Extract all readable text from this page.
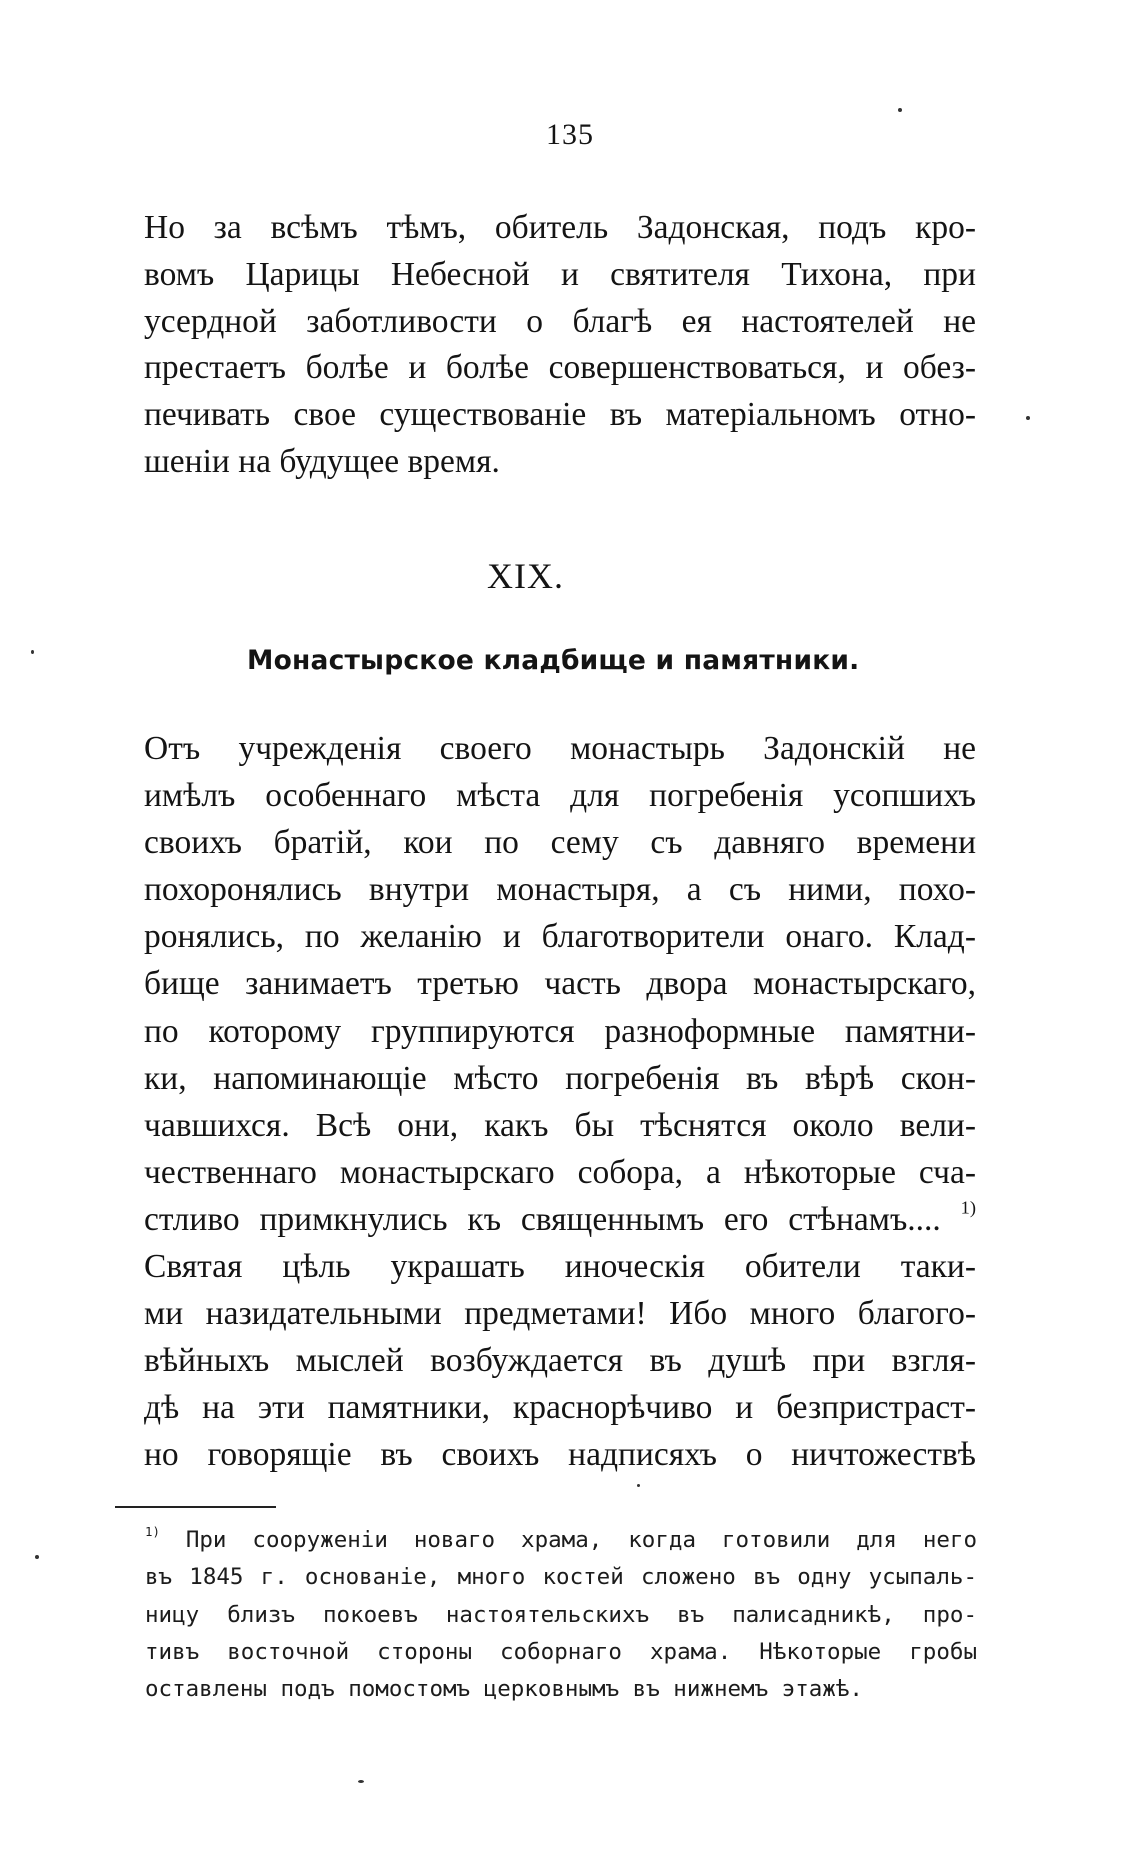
135
Но за всѣмъ тѣмъ, обитель Задонская, подъ кро-
вомъ Царицы Небесной и святителя Тихона, при
усердной заботливости о благѣ ея настоятелей не
престаетъ болѣе и болѣе совершенствоваться, и обез-
печивать свое существованіе въ матеріальномъ отно-
шеніи на будущее время.
XIX.
Монастырское кладбище и памятники.
Отъ учрежденія своего монастырь Задонскій не
имѣлъ особеннаго мѣста для погребенія усопшихъ
своихъ братій, кои по сему съ давняго времени
похоронялись внутри монастыря, а съ ними, похо-
ронялись, по желанію и благотворители онаго. Клад-
бище занимаетъ третью часть двора монастырскаго,
по которому группируются разноформные памятни-
ки, напоминающіе мѣсто погребенія въ вѣрѣ скон-
чавшихся. Всѣ они, какъ бы тѣснятся около вели-
чественнаго монастырскаго собора, а нѣкоторые сча-
стливо примкнулись къ священнымъ его стѣнамъ.... $^{1)}$
Святая цѣль украшать иноческія обители таки-
ми назидательными предметами! Ибо много благого-
вѣйныхъ мыслей возбуждается въ душѣ при взгля-
дѣ на эти памятники, краснорѣчиво и безпристраст-
но говорящіе въ своихъ надписяхъ о ничтожествѣ
$^{1)}$ При сооруженіи новаго храма, когда готовили для него
въ 1845 г. основаніе, много костей сложено въ одну усыпаль-
ницу близъ покоевъ настоятельскихъ въ палисадникѣ, про-
тивъ восточной стороны соборнаго храма. Нѣкоторые гробы
оставлены подъ помостомъ церковнымъ въ нижнемъ этажѣ.
